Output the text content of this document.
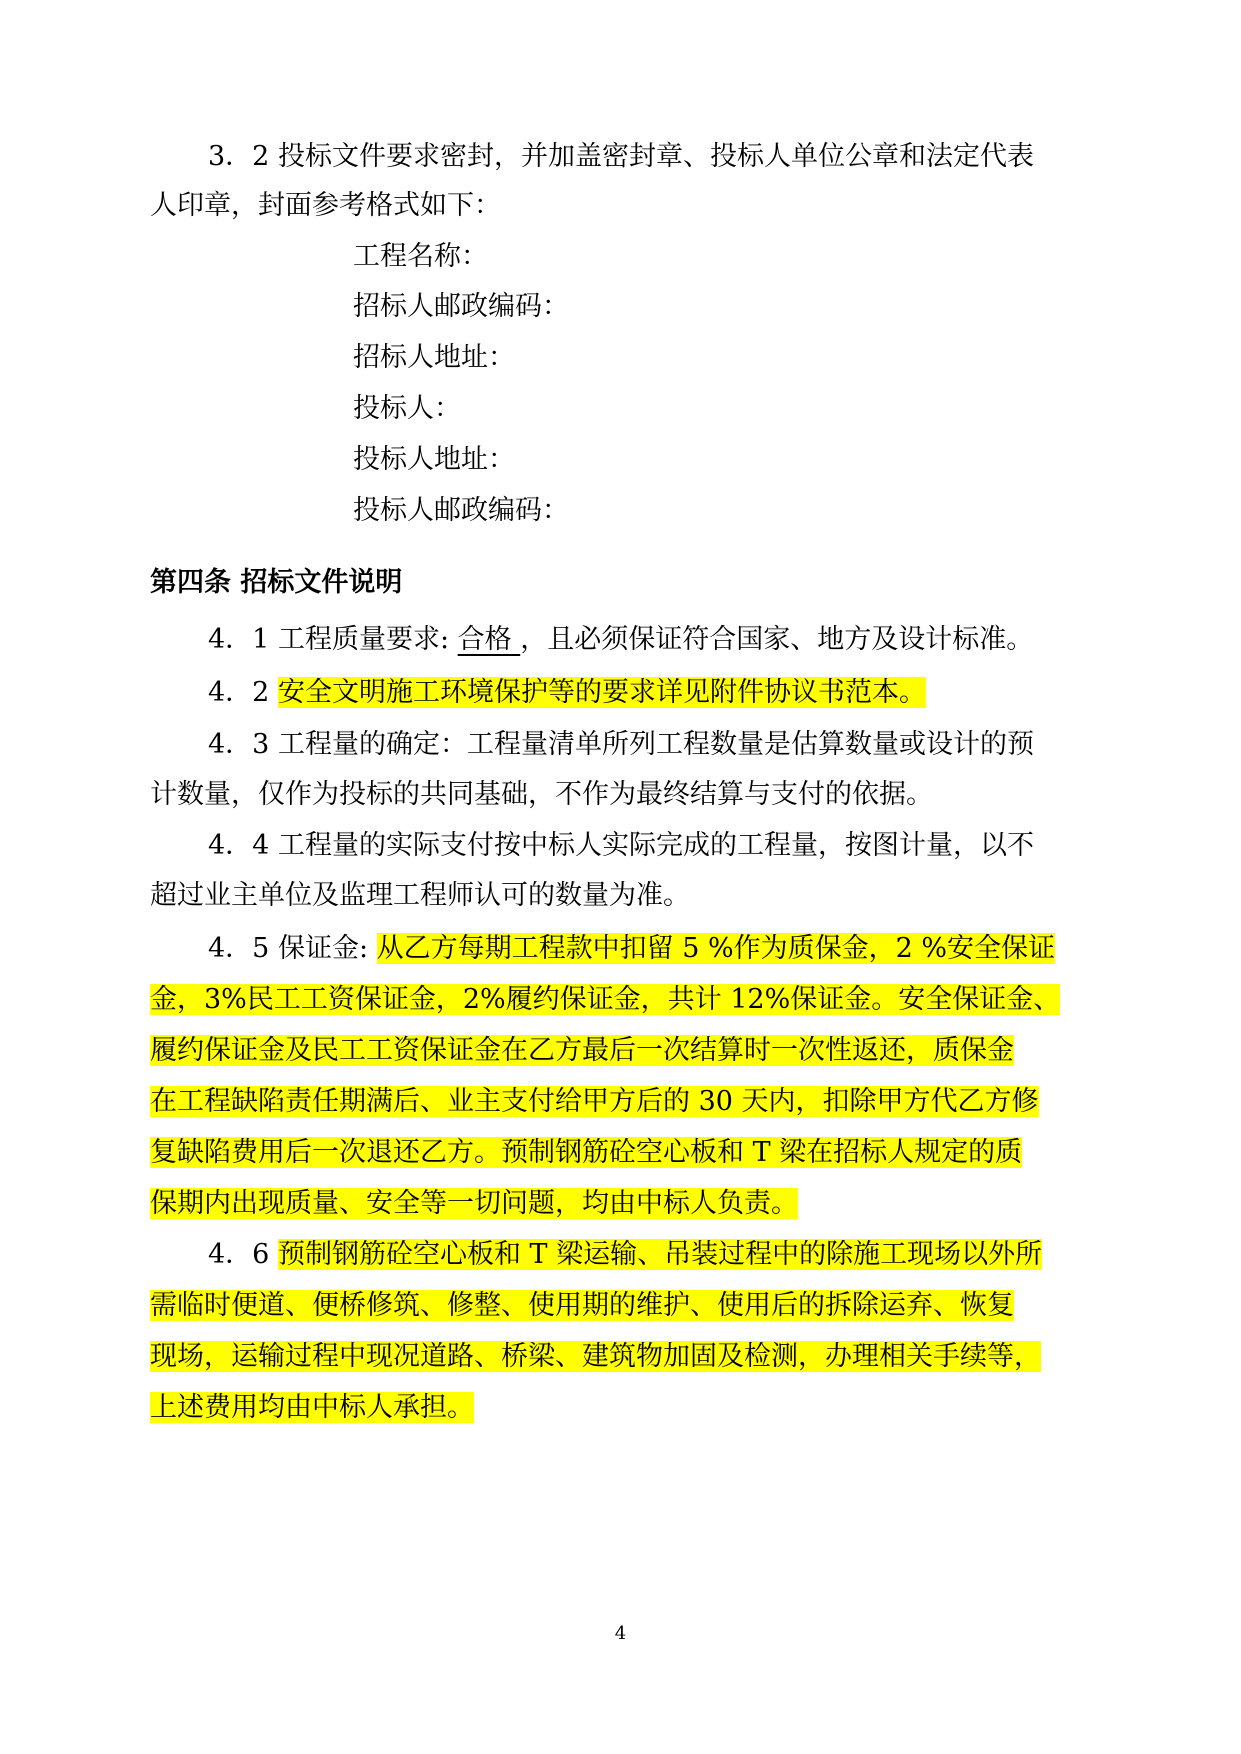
3．2 投标文件要求密封，并加盖密封章、投标人单位公章和法定代表
人印章，封面参考格式如下：
工程名称：
招标人邮政编码：
招标人地址：
投标人：
投标人地址：
投标人邮政编码：
第四条 招标文件说明
4．1 工程质量要求: 合格 ，且必须保证符合国家、地方及设计标准。
4．2 安全文明施工环境保护等的要求详见附件协议书范本。
4．3 工程量的确定：工程量清单所列工程数量是估算数量或设计的预
计数量，仅作为投标的共同基础，不作为最终结算与支付的依据。
4．4 工程量的实际支付按中标人实际完成的工程量，按图计量，以不
超过业主单位及监理工程师认可的数量为准。
4．5 保证金: 从乙方每期工程款中扣留 5 %作为质保金，2 %安全保证
金，3%民工工资保证金，2%履约保证金，共计 12%保证金。安全保证金、
履约保证金及民工工资保证金在乙方最后一次结算时一次性返还，质保金
在工程缺陷责任期满后、业主支付给甲方后的 30 天内，扣除甲方代乙方修
复缺陷费用后一次退还乙方。预制钢筋砼空心板和 T 梁在招标人规定的质
保期内出现质量、安全等一切问题，均由中标人负责。
4．6 预制钢筋砼空心板和 T 梁运输、吊装过程中的除施工现场以外所
需临时便道、便桥修筑、修整、使用期的维护、使用后的拆除运弃、恢复
现场，运输过程中现况道路、桥梁、建筑物加固及检测，办理相关手续等，
上述费用均由中标人承担。
4
